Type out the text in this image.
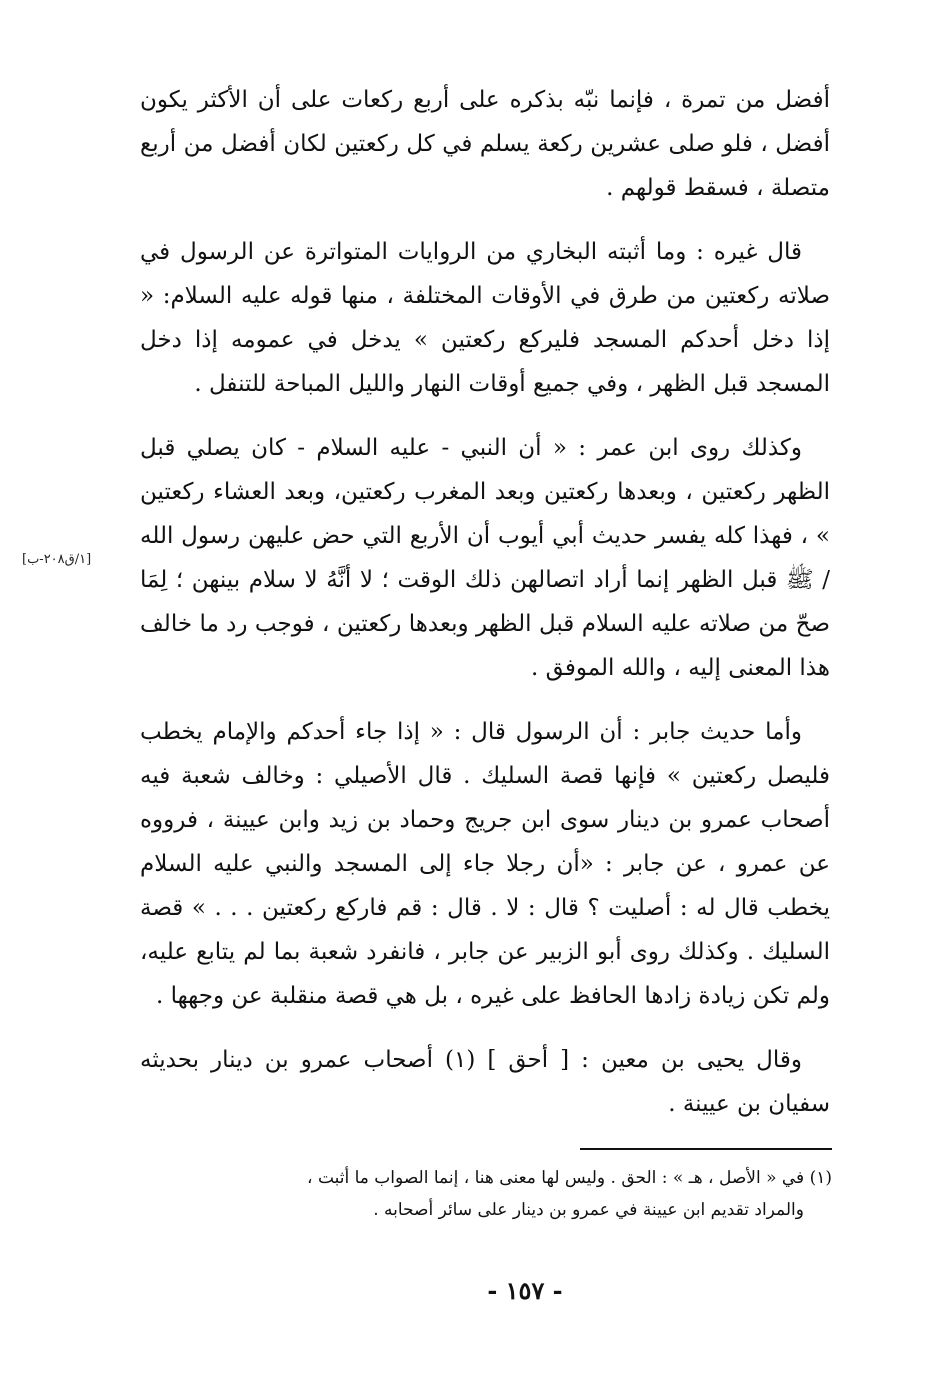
أفضل من تمرة ، فإنما نبّه بذكره على أربع ركعات على أن الأكثر يكون أفضل ، فلو صلى عشرين ركعة يسلم في كل ركعتين لكان أفضل من أربع متصلة ، فسقط قولهم .

قال غيره : وما أثبته البخاري من الروايات المتواترة عن الرسول في صلاته ركعتين من طرق في الأوقات المختلفة ، منها قوله عليه السلام: « إذا دخل أحدكم المسجد فليركع ركعتين » يدخل في عمومه إذا دخل المسجد قبل الظهر ، وفي جميع أوقات النهار والليل المباحة للتنفل .

وكذلك روى ابن عمر : « أن النبي - عليه السلام - كان يصلي قبل الظهر ركعتين ، وبعدها ركعتين وبعد المغرب ركعتين، وبعد العشاء ركعتين » ، فهذا كله يفسر حديث أبي أيوب أن الأربع التي حض عليهن رسول الله / ﷺ قبل الظهر إنما أراد اتصالهن ذلك الوقت ؛ لا أنَّهُ لا سلام بينهن ؛ لِمَا صحّ من صلاته عليه السلام قبل الظهر وبعدها ركعتين ، فوجب رد ما خالف هذا المعنى إليه ، والله الموفق .

وأما حديث جابر : أن الرسول قال : « إذا جاء أحدكم والإمام يخطب فليصل ركعتين » فإنها قصة السليك . قال الأصيلي : وخالف شعبة فيه أصحاب عمرو بن دينار سوى ابن جريج وحماد بن زيد وابن عيينة ، فرووه عن عمرو ، عن جابر : «أن رجلا جاء إلى المسجد والنبي عليه السلام يخطب قال له : أصليت ؟ قال : لا . قال : قم فاركع ركعتين . . . » قصة السليك . وكذلك روى أبو الزبير عن جابر ، فانفرد شعبة بما لم يتابع عليه، ولم تكن زيادة زادها الحافظ على غيره ، بل هي قصة منقلبة عن وجهها .

وقال يحيى بن معين : [ أحق ] (١) أصحاب عمرو بن دينار بحديثه سفيان بن عيينة .

[١/ق٢٠٨-ب]

(١) في « الأصل ، هـ » : الحق . وليس لها معنى هنا ، إنما الصواب ما أثبت ،

والمراد تقديم ابن عيينة في عمرو بن دينار على سائر أصحابه .

- ١٥٧ -
